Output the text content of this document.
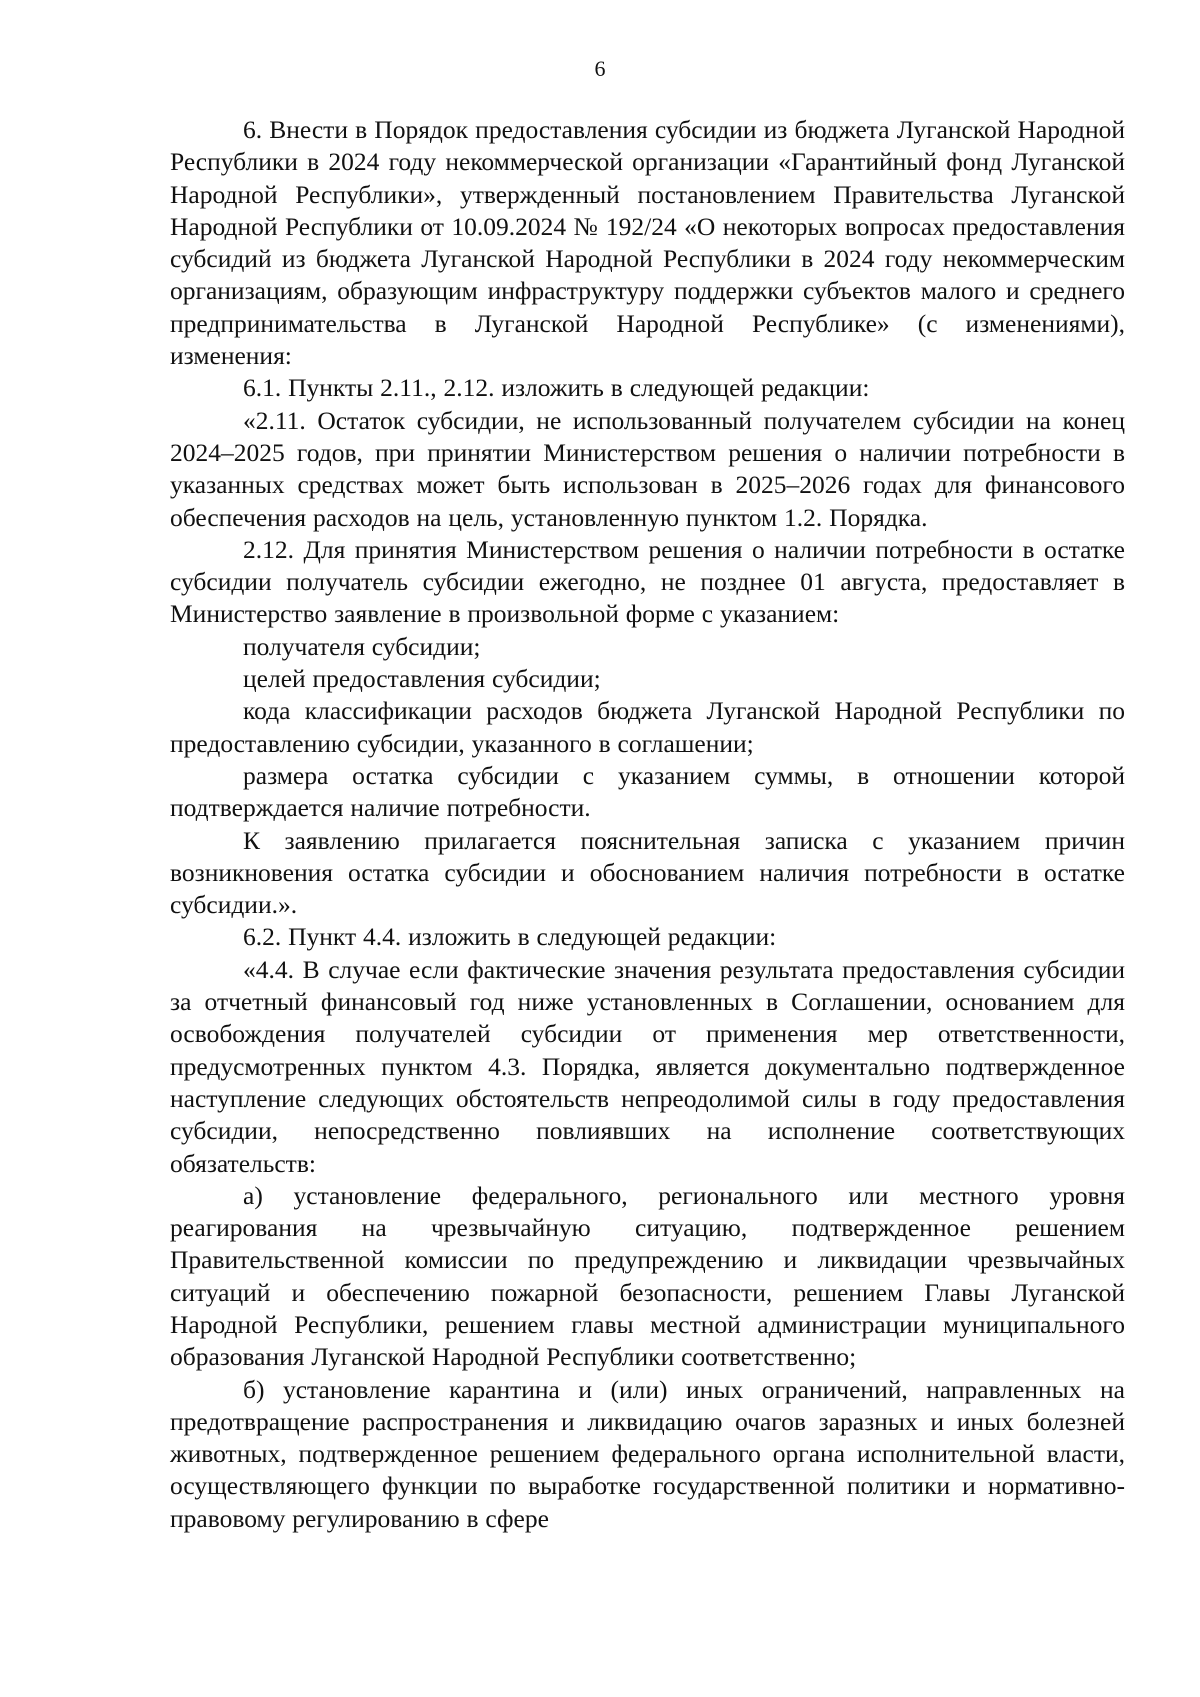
6

6. Внести в Порядок предоставления субсидии из бюджета Луганской Народной Республики в 2024 году некоммерческой организации «Гарантийный фонд Луганской Народной Республики», утвержденный постановлением Правительства Луганской Народной Республики от 10.09.2024 № 192/24 «О некоторых вопросах предоставления субсидий из бюджета Луганской Народной Республики в 2024 году некоммерческим организациям, образующим инфраструктуру поддержки субъектов малого и среднего предпринимательства в Луганской Народной Республике» (с изменениями), изменения:

6.1. Пункты 2.11., 2.12. изложить в следующей редакции:

«2.11. Остаток субсидии, не использованный получателем субсидии на конец 2024–2025 годов, при принятии Министерством решения о наличии потребности в указанных средствах может быть использован в 2025–2026 годах для финансового обеспечения расходов на цель, установленную пунктом 1.2. Порядка.

2.12. Для принятия Министерством решения о наличии потребности в остатке субсидии получатель субсидии ежегодно, не позднее 01 августа, предоставляет в Министерство заявление в произвольной форме с указанием:

получателя субсидии;

целей предоставления субсидии;

кода классификации расходов бюджета Луганской Народной Республики по предоставлению субсидии, указанного в соглашении;

размера остатка субсидии с указанием суммы, в отношении которой подтверждается наличие потребности.

К заявлению прилагается пояснительная записка с указанием причин возникновения остатка субсидии и обоснованием наличия потребности в остатке субсидии.».

6.2. Пункт 4.4. изложить в следующей редакции:

«4.4. В случае если фактические значения результата предоставления субсидии за отчетный финансовый год ниже установленных в Соглашении, основанием для освобождения получателей субсидии от применения мер ответственности, предусмотренных пунктом 4.3. Порядка, является документально подтвержденное наступление следующих обстоятельств непреодолимой силы в году предоставления субсидии, непосредственно повлиявших на исполнение соответствующих обязательств:

а) установление федерального, регионального или местного уровня реагирования на чрезвычайную ситуацию, подтвержденное решением Правительственной комиссии по предупреждению и ликвидации чрезвычайных ситуаций и обеспечению пожарной безопасности, решением Главы Луганской Народной Республики, решением главы местной администрации муниципального образования Луганской Народной Республики соответственно;

б) установление карантина и (или) иных ограничений, направленных на предотвращение распространения и ликвидацию очагов заразных и иных болезней животных, подтвержденное решением федерального органа исполнительной власти, осуществляющего функции по выработке государственной политики и нормативно-правовому регулированию в сфере
